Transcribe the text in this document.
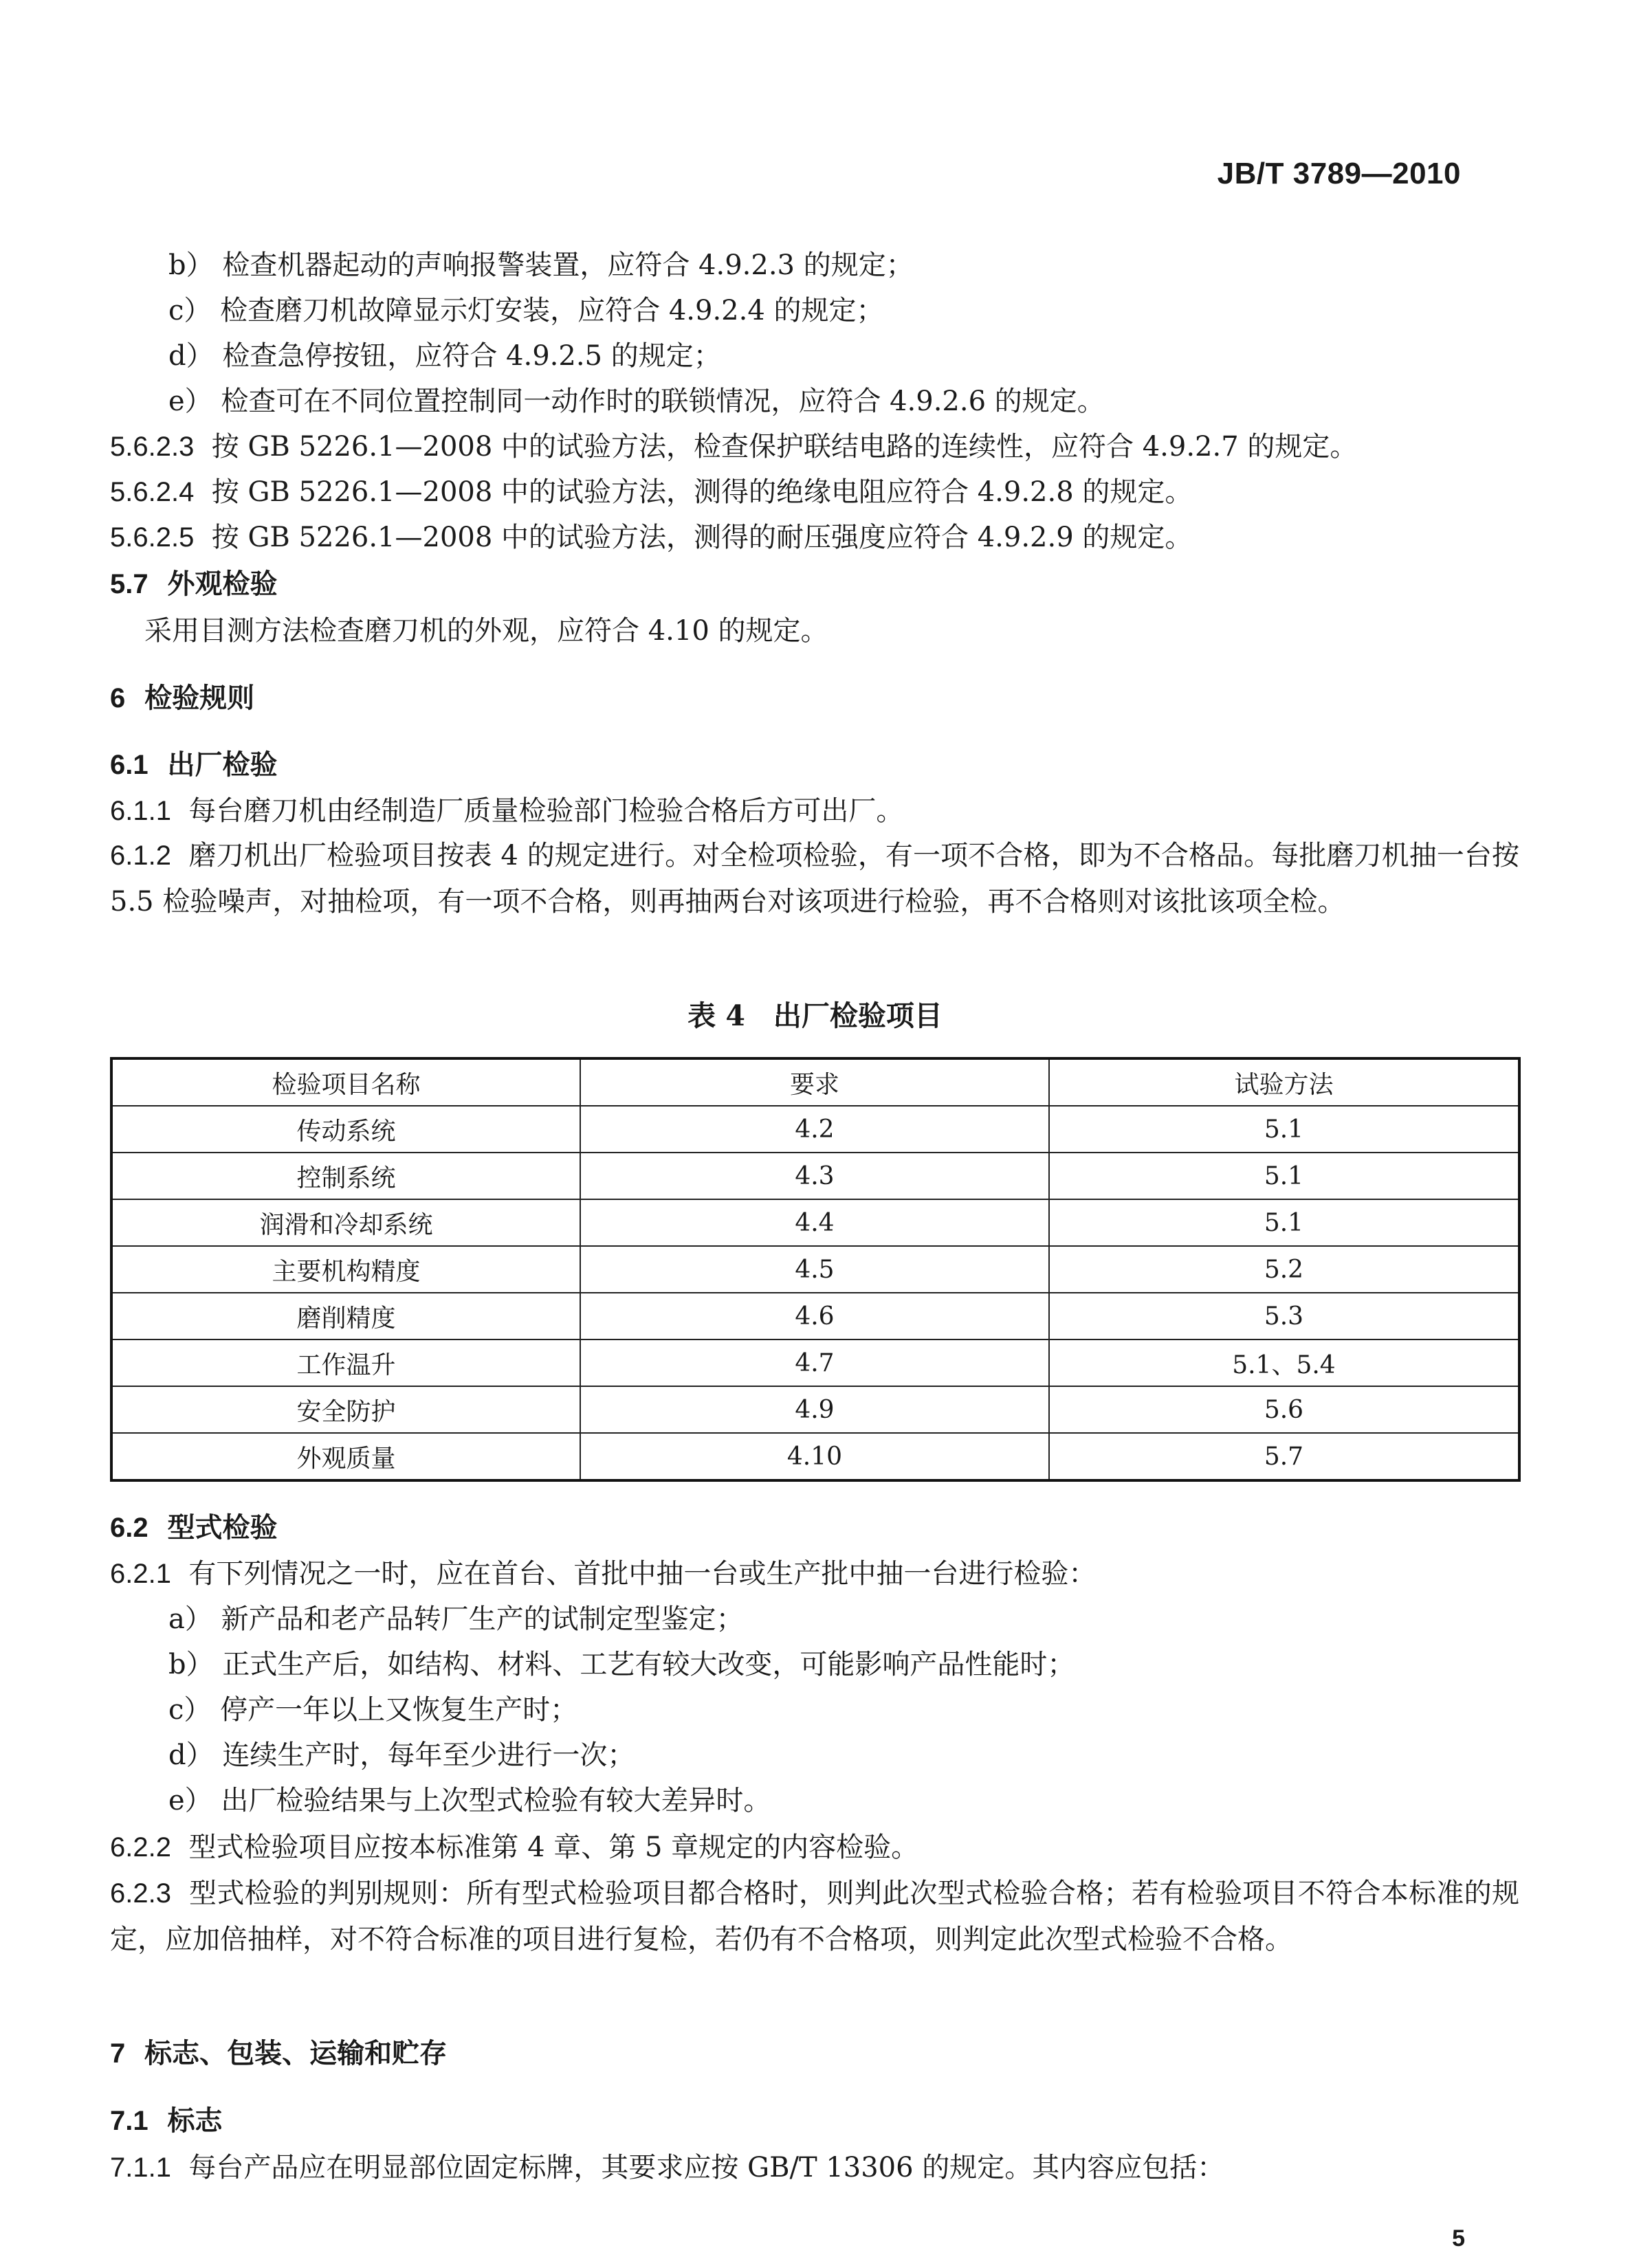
JB/T 3789—2010
b） 检查机器起动的声响报警装置，应符合 4.9.2.3 的规定；
c） 检查磨刀机故障显示灯安装，应符合 4.9.2.4 的规定；
d） 检查急停按钮，应符合 4.9.2.5 的规定；
e） 检查可在不同位置控制同一动作时的联锁情况，应符合 4.9.2.6 的规定。
5.6.2.3 按 GB 5226.1—2008 中的试验方法，检查保护联结电路的连续性，应符合 4.9.2.7 的规定。
5.6.2.4 按 GB 5226.1—2008 中的试验方法，测得的绝缘电阻应符合 4.9.2.8 的规定。
5.6.2.5 按 GB 5226.1—2008 中的试验方法，测得的耐压强度应符合 4.9.2.9 的规定。
5.7 外观检验
采用目测方法检查磨刀机的外观，应符合 4.10 的规定。
6 检验规则
6.1 出厂检验
6.1.1 每台磨刀机由经制造厂质量检验部门检验合格后方可出厂。
6.1.2 磨刀机出厂检验项目按表 4 的规定进行。对全检项检验，有一项不合格，即为不合格品。每批磨刀机抽一台按 5.5 检验噪声，对抽检项，有一项不合格，则再抽两台对该项进行检验，再不合格则对该批该项全检。
表 4　出厂检验项目
检验项目名称	要求	试验方法
传动系统	4.2	5.1
控制系统	4.3	5.1
润滑和冷却系统	4.4	5.1
主要机构精度	4.5	5.2
磨削精度	4.6	5.3
工作温升	4.7	5.1、5.4
安全防护	4.9	5.6
外观质量	4.10	5.7
6.2 型式检验
6.2.1 有下列情况之一时，应在首台、首批中抽一台或生产批中抽一台进行检验：
a） 新产品和老产品转厂生产的试制定型鉴定；
b） 正式生产后，如结构、材料、工艺有较大改变，可能影响产品性能时；
c） 停产一年以上又恢复生产时；
d） 连续生产时，每年至少进行一次；
e） 出厂检验结果与上次型式检验有较大差异时。
6.2.2 型式检验项目应按本标准第 4 章、第 5 章规定的内容检验。
6.2.3 型式检验的判别规则：所有型式检验项目都合格时，则判此次型式检验合格；若有检验项目不符合本标准的规定，应加倍抽样，对不符合标准的项目进行复检，若仍有不合格项，则判定此次型式检验不合格。
7 标志、包装、运输和贮存
7.1 标志
7.1.1 每台产品应在明显部位固定标牌，其要求应按 GB/T 13306 的规定。其内容应包括：
5
